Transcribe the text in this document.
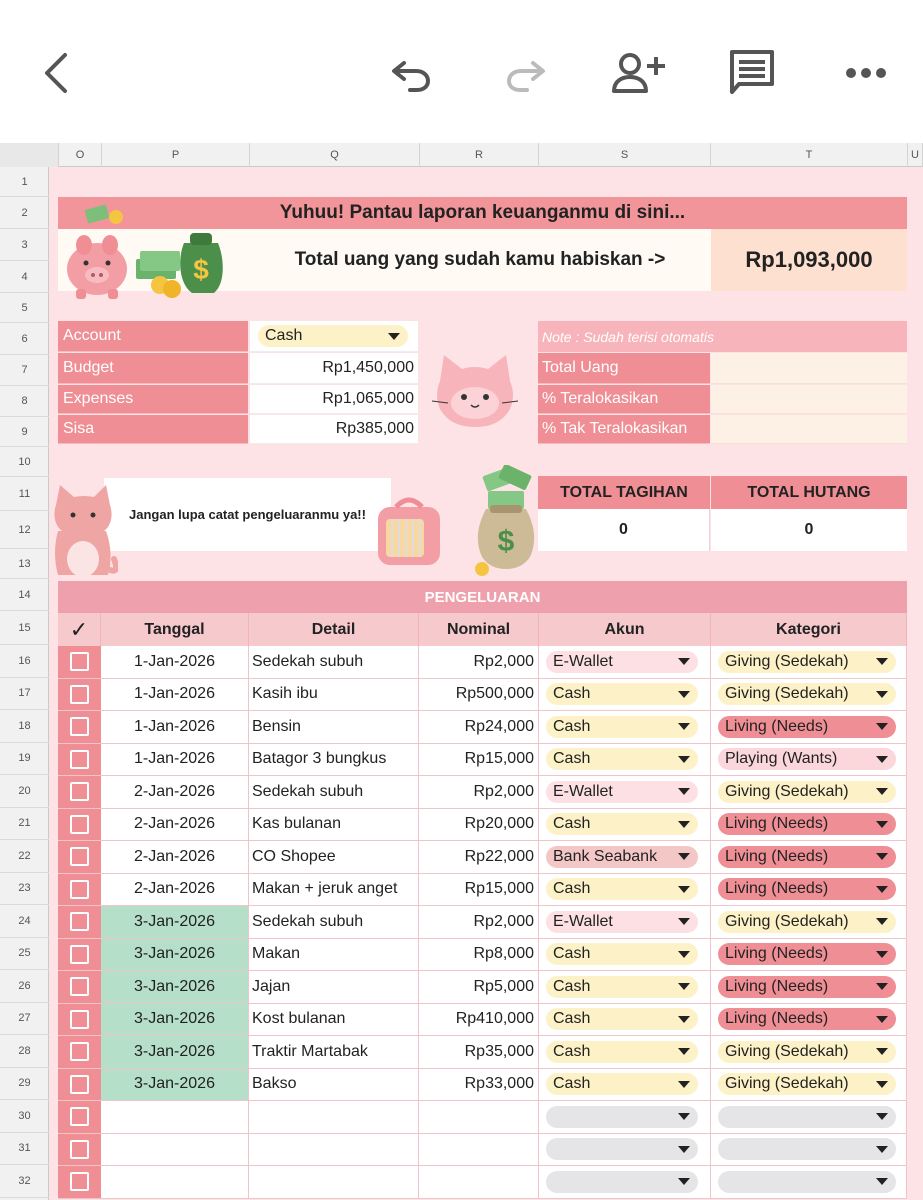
O	P	Q	R	S	T	U
1
2
3
4
5
6
7
8
9
10
11
12
13
14
15
16
17
18
19
20
21
22
23
24
25
26
27
28
29
30
31
32
Yuhuu! Pantau laporan keuanganmu di sini...
$	Total uang yang sudah kamu habiskan ->	Rp1,093,000
Account	Cash
Budget	Rp1,450,000
Expenses	Rp1,065,000
Sisa	Rp385,000
Note : Sudah terisi otomatis
Total Uang
% Teralokasikan
% Tak Teralokasikan
Jangan lupa catat pengeluaranmu ya!!
$
TOTAL TAGIHAN	TOTAL HUTANG
0	0
PENGELUARAN
✓	Tanggal	Detail	Nominal	Akun	Kategori
1-Jan-2026	Sedekah subuh	Rp2,000	E-Wallet	Giving (Sedekah)
1-Jan-2026	Kasih ibu	Rp500,000	Cash	Giving (Sedekah)
1-Jan-2026	Bensin	Rp24,000	Cash	Living (Needs)
1-Jan-2026	Batagor 3 bungkus	Rp15,000	Cash	Playing (Wants)
2-Jan-2026	Sedekah subuh	Rp2,000	E-Wallet	Giving (Sedekah)
2-Jan-2026	Kas bulanan	Rp20,000	Cash	Living (Needs)
2-Jan-2026	CO Shopee	Rp22,000	Bank Seabank	Living (Needs)
2-Jan-2026	Makan + jeruk anget	Rp15,000	Cash	Living (Needs)
3-Jan-2026	Sedekah subuh	Rp2,000	E-Wallet	Giving (Sedekah)
3-Jan-2026	Makan	Rp8,000	Cash	Living (Needs)
3-Jan-2026	Jajan	Rp5,000	Cash	Living (Needs)
3-Jan-2026	Kost bulanan	Rp410,000	Cash	Living (Needs)
3-Jan-2026	Traktir Martabak	Rp35,000	Cash	Giving (Sedekah)
3-Jan-2026	Bakso	Rp33,000	Cash	Giving (Sedekah)
